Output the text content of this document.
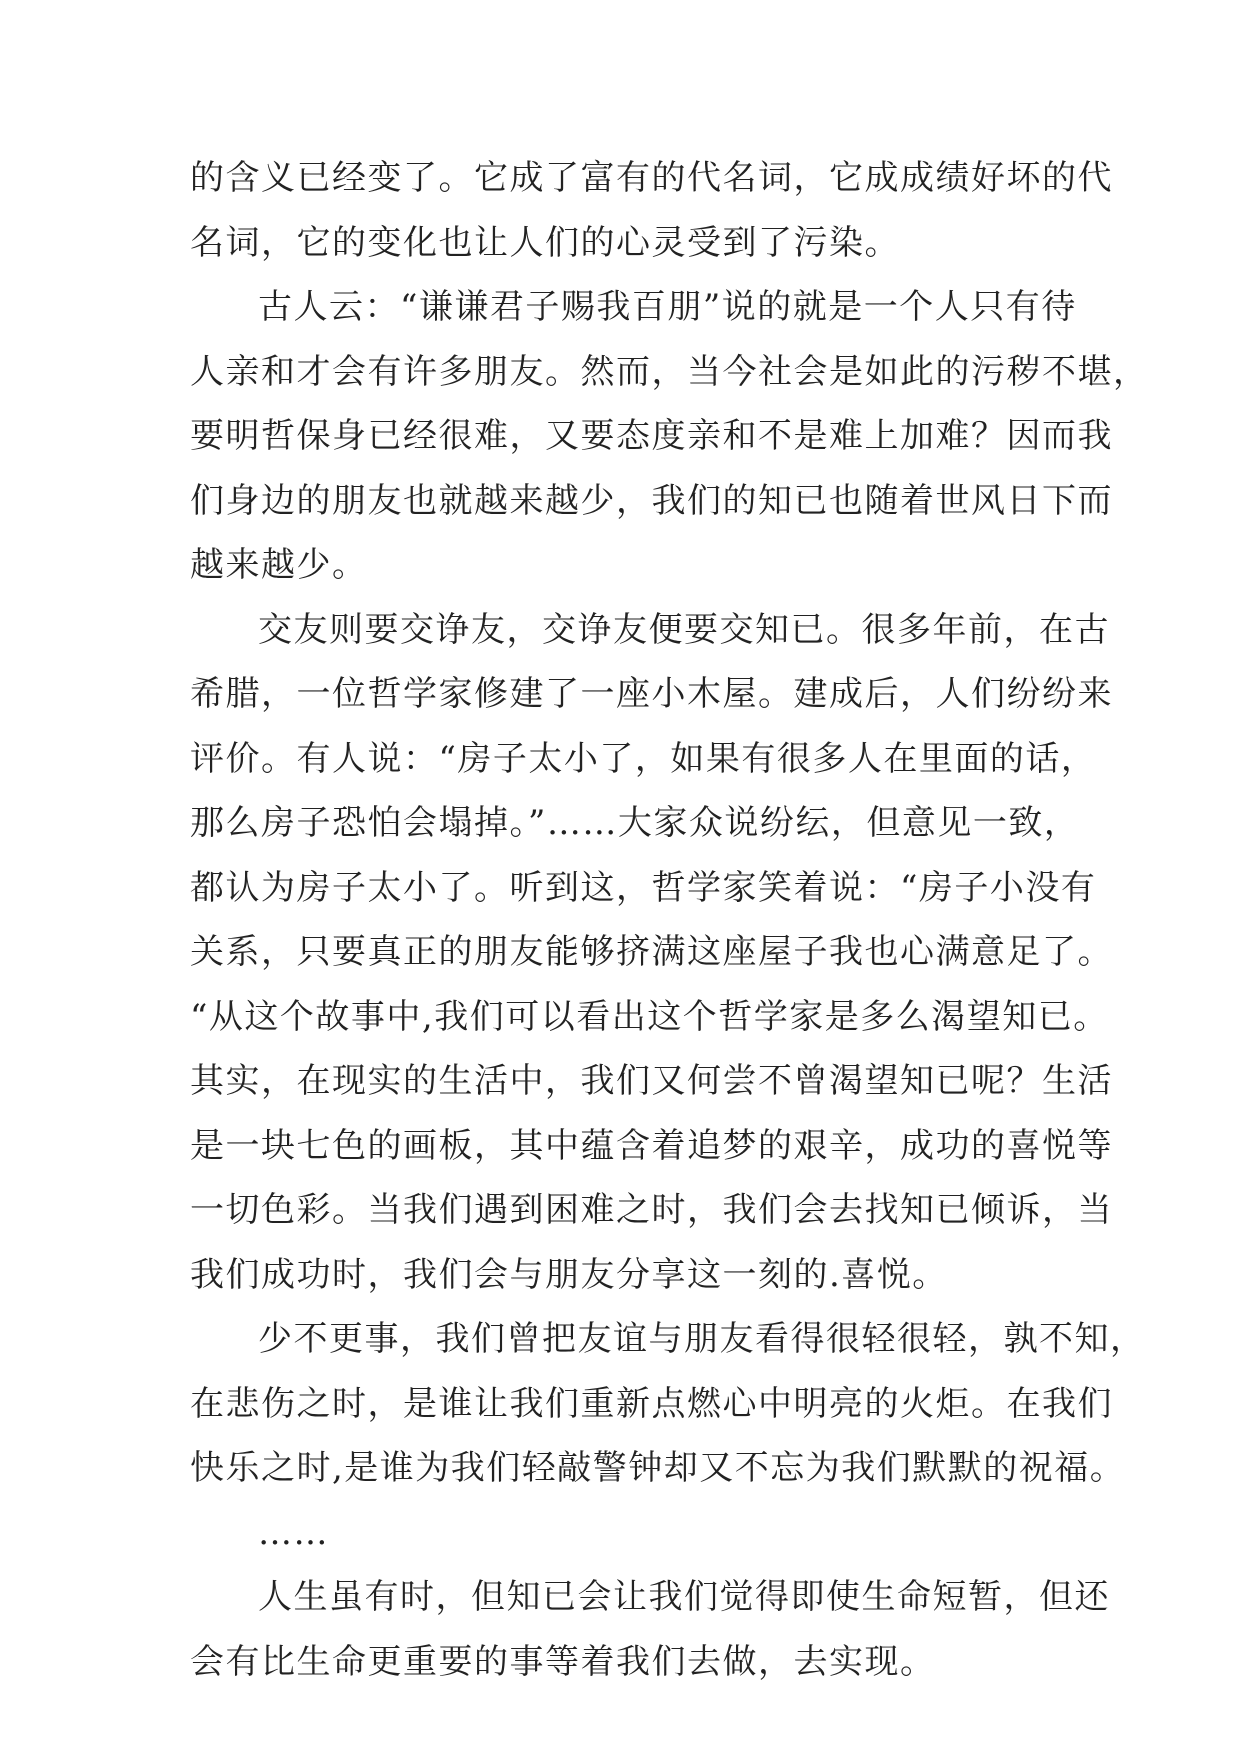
的含义已经变了。它成了富有的代名词，它成成绩好坏的代
名词，它的变化也让人们的心灵受到了污染。
古人云：“谦谦君子赐我百朋”说的就是一个人只有待
人亲和才会有许多朋友。然而，当今社会是如此的污秽不堪，
要明哲保身已经很难，又要态度亲和不是难上加难？因而我
们身边的朋友也就越来越少，我们的知已也随着世风日下而
越来越少。
交友则要交诤友，交诤友便要交知已。很多年前，在古
希腊，一位哲学家修建了一座小木屋。建成后，人们纷纷来
评价。有人说：“房子太小了，如果有很多人在里面的话，
那么房子恐怕会塌掉。”……大家众说纷纭，但意见一致，
都认为房子太小了。听到这，哲学家笑着说：“房子小没有
关系，只要真正的朋友能够挤满这座屋子我也心满意足了。
“从这个故事中,我们可以看出这个哲学家是多么渴望知已。
其实，在现实的生活中，我们又何尝不曾渴望知已呢？生活
是一块七色的画板，其中蕴含着追梦的艰辛，成功的喜悦等
一切色彩。当我们遇到困难之时，我们会去找知已倾诉，当
我们成功时，我们会与朋友分享这一刻的.喜悦。
少不更事，我们曾把友谊与朋友看得很轻很轻，孰不知，
在悲伤之时，是谁让我们重新点燃心中明亮的火炬。在我们
快乐之时,是谁为我们轻敲警钟却又不忘为我们默默的祝福。
……
人生虽有时，但知已会让我们觉得即使生命短暂，但还
会有比生命更重要的事等着我们去做，去实现。
